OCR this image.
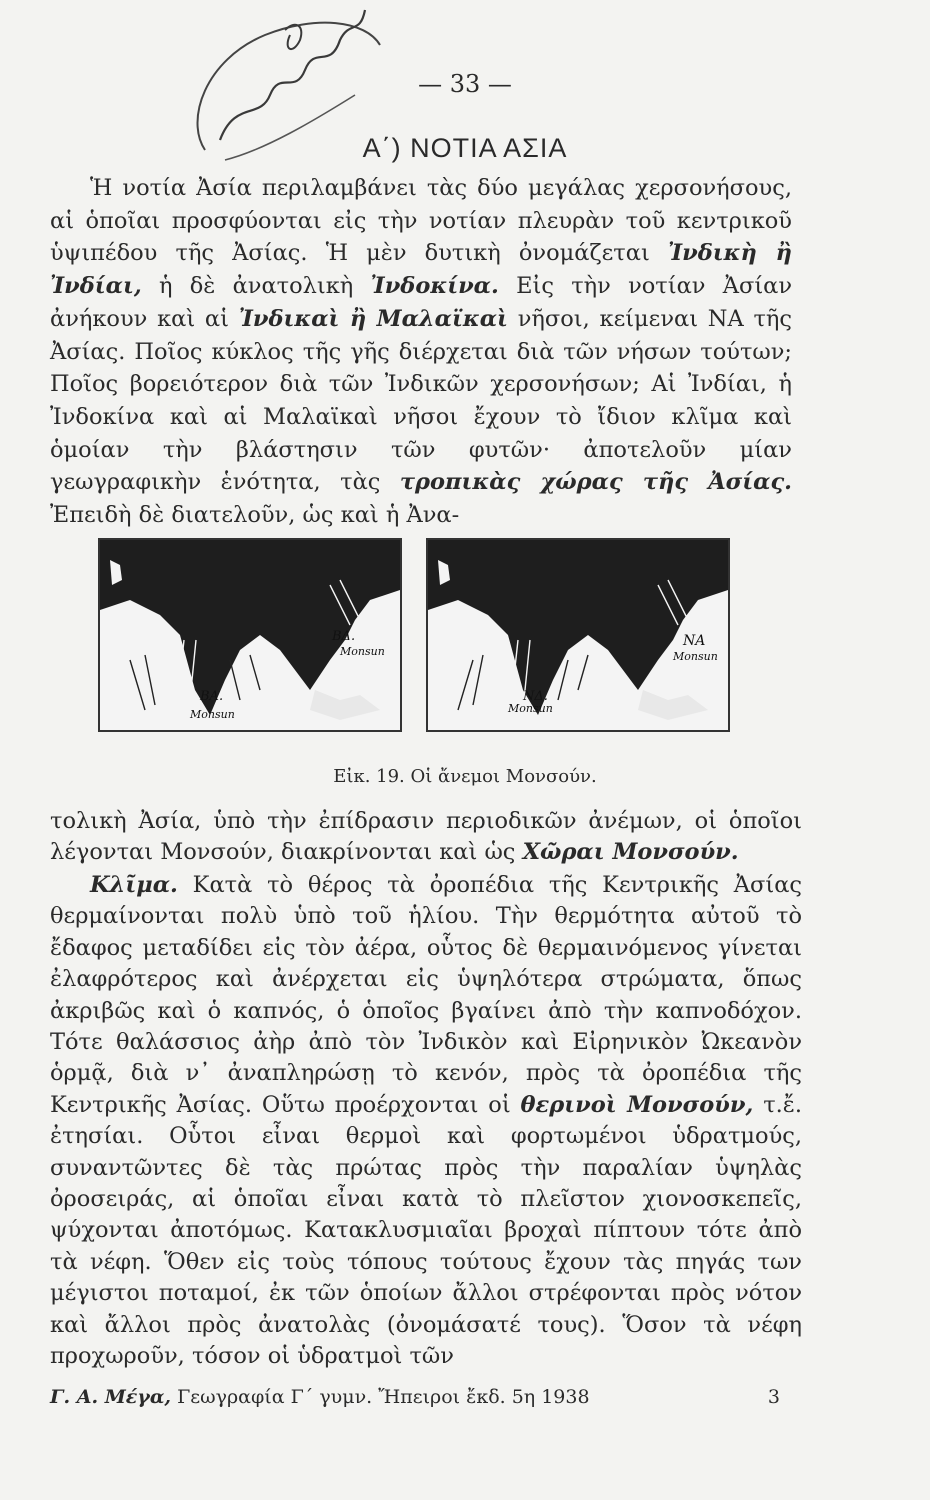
— 33 —
Α΄) ΝΟΤΙΑ ΑΣΙΑ

Ἡ νοτία Ἀσία περιλαμβάνει τὰς δύο μεγάλας χερσονήσους, αἱ ὁποῖαι προσφύονται εἰς τὴν νοτίαν πλευρὰν τοῦ κεντρικοῦ ὑψιπέδου τῆς Ἀσίας. Ἡ μὲν δυτικὴ ὀνομάζεται Ἰνδικὴ ἢ Ἰνδίαι, ἡ δὲ ἀνατολικὴ Ἰνδοκίνα. Εἰς τὴν νοτίαν Ἀσίαν ἀνήκουν καὶ αἱ Ἰνδικαὶ ἢ Μαλαϊκαὶ νῆσοι, κείμεναι ΝΑ τῆς Ἀσίας. Ποῖος κύκλος τῆς γῆς διέρχεται διὰ τῶν νήσων τούτων; Ποῖος βορειότερον διὰ τῶν Ἰνδικῶν χερσονήσων; Αἱ Ἰνδίαι, ἡ Ἰνδοκίνα καὶ αἱ Μαλαϊκαὶ νῆσοι ἔχουν τὸ ἴδιον κλῖμα καὶ ὁμοίαν τὴν βλάστησιν τῶν φυτῶν· ἀποτελοῦν μίαν γεωγραφικὴν ἑνότητα, τὰς τροπικὰς χώρας τῆς Ἀσίας. Ἐπειδὴ δὲ διατελοῦν, ὡς καὶ ἡ Ἀνα-

ΒΔ.
Monsun
ΒΑ.
Monsun
ΝΑ
Monsun
ΝΔ.
Monsun
Εἰκ. 19. Οἱ ἄνεμοι Μονσούν.

τολικὴ Ἀσία, ὑπὸ τὴν ἐπίδρασιν περιοδικῶν ἀνέμων, οἱ ὁποῖοι λέγονται Μονσούν, διακρίνονται καὶ ὡς Χῶραι Μονσούν.

Κλῖμα. Κατὰ τὸ θέρος τὰ ὀροπέδια τῆς Κεντρικῆς Ἀσίας θερμαίνονται πολὺ ὑπὸ τοῦ ἡλίου. Τὴν θερμότητα αὐτοῦ τὸ ἔδαφος μεταδίδει εἰς τὸν ἀέρα, οὗτος δὲ θερμαινόμενος γίνεται ἐλαφρότερος καὶ ἀνέρχεται εἰς ὑψηλότερα στρώματα, ὅπως ἀκριβῶς καὶ ὁ καπνός, ὁ ὁποῖος βγαίνει ἀπὸ τὴν καπνοδόχον. Τότε θαλάσσιος ἀὴρ ἀπὸ τὸν Ἰνδικὸν καὶ Εἰρηνικὸν Ὠκεανὸν ὁρμᾷ, διὰ ν᾽ ἀναπληρώσῃ τὸ κενόν, πρὸς τὰ ὀροπέδια τῆς Κεντρικῆς Ἀσίας. Οὕτω προέρχονται οἱ θερινοὶ Μονσούν, τ.ἔ. ἐτησίαι. Οὗτοι εἶναι θερμοὶ καὶ φορτωμένοι ὑδρατμούς, συναντῶντες δὲ τὰς πρώτας πρὸς τὴν παραλίαν ὑψηλὰς ὀροσειράς, αἱ ὁποῖαι εἶναι κατὰ τὸ πλεῖστον χιονοσκεπεῖς, ψύχονται ἀποτόμως. Κατακλυσμιαῖαι βροχαὶ πίπτουν τότε ἀπὸ τὰ νέφη. Ὅθεν εἰς τοὺς τόπους τούτους ἔχουν τὰς πηγάς των μέγιστοι ποταμοί, ἐκ τῶν ὁποίων ἄλλοι στρέφονται πρὸς νότον καὶ ἄλλοι πρὸς ἀνατολὰς (ὀνομάσατέ τους). Ὅσον τὰ νέφη προχωροῦν, τόσον οἱ ὑδρατμοὶ τῶν

Γ. Α. Μέγα, Γεωγραφία Γ΄ γυμν. Ἤπειροι ἔκδ. 5η 1938	3
